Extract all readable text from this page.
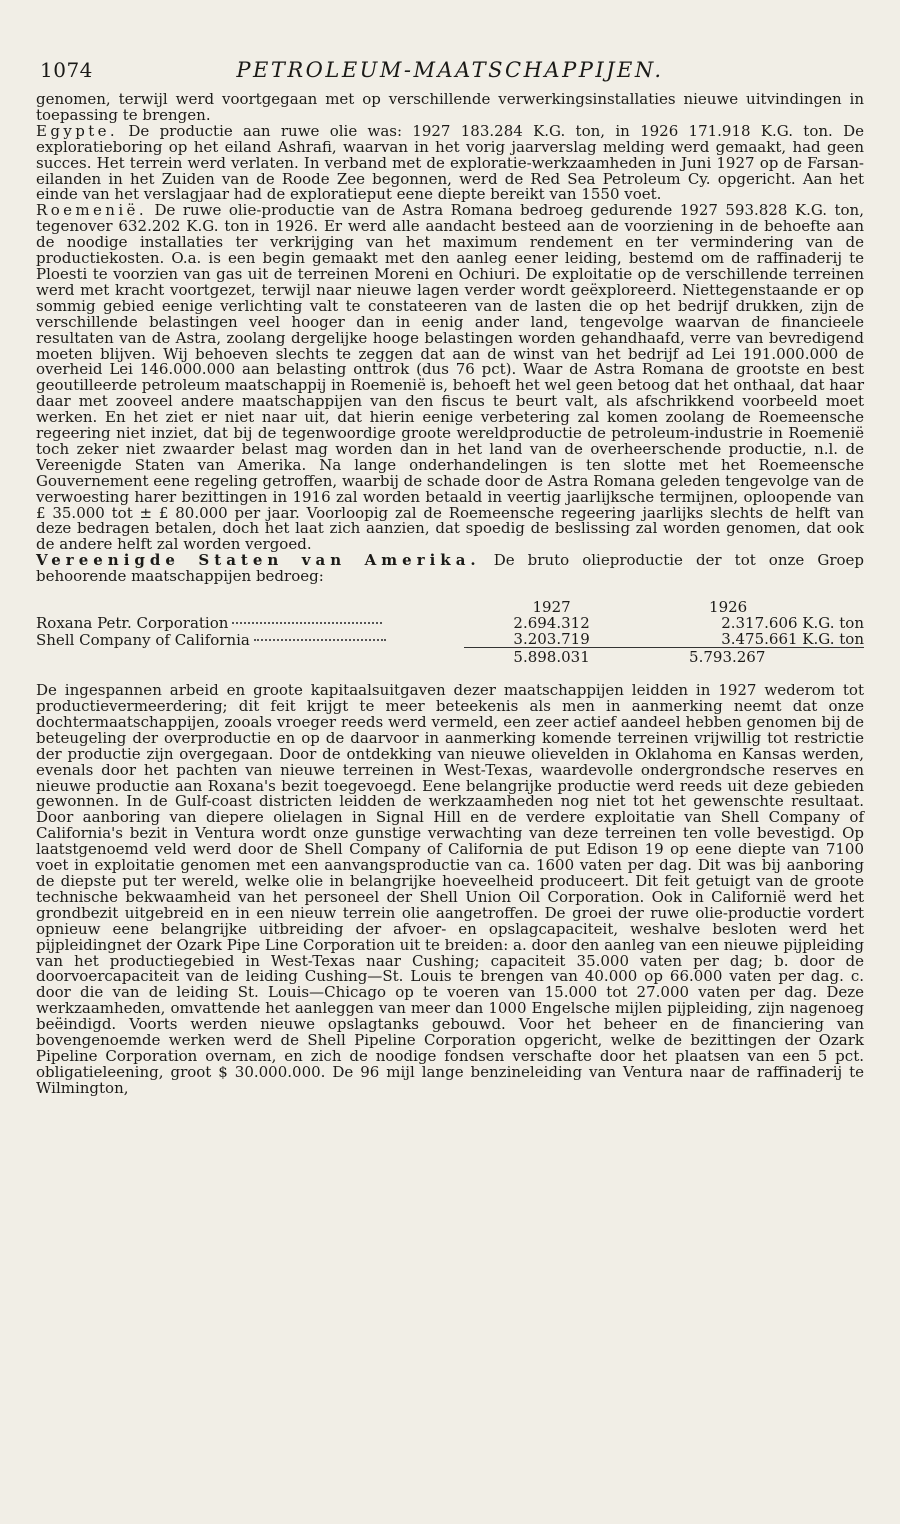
1074	PETROLEUM-MAATSCHAPPIJEN.

genomen, terwijl werd voortgegaan met op verschillende verwerkingsinstallaties nieuwe uitvindingen in toepassing te brengen.

Egypte. De productie aan ruwe olie was: 1927 183.284 K.G. ton, in 1926 171.918 K.G. ton. De exploratieboring op het eiland Ashrafi, waarvan in het vorig jaarverslag melding werd gemaakt, had geen succes. Het terrein werd verlaten. In verband met de exploratie-werkzaamheden in Juni 1927 op de Farsan-eilanden in het Zuiden van de Roode Zee begonnen, werd de Red Sea Petroleum Cy. opgericht. Aan het einde van het verslagjaar had de exploratieput eene diepte bereikt van 1550 voet.

Roemenië. De ruwe olie-productie van de Astra Romana bedroeg gedurende 1927 593.828 K.G. ton, tegenover 632.202 K.G. ton in 1926. Er werd alle aandacht besteed aan de voorziening in de behoefte aan de noodige installaties ter verkrijging van het maximum rendement en ter vermindering van de productiekosten. O.a. is een begin gemaakt met den aanleg eener leiding, bestemd om de raffinaderij te Ploesti te voorzien van gas uit de terreinen Moreni en Ochiuri. De exploitatie op de verschillende terreinen werd met kracht voortgezet, terwijl naar nieuwe lagen verder wordt geëxploreerd. Niettegenstaande er op sommig gebied eenige verlichting valt te constateeren van de lasten die op het bedrijf drukken, zijn de verschillende belastingen veel hooger dan in eenig ander land, tengevolge waarvan de financieele resultaten van de Astra, zoolang dergelijke hooge belastingen worden gehandhaafd, verre van bevredigend moeten blijven. Wij behoeven slechts te zeggen dat aan de winst van het bedrijf ad Lei 191.000.000 de overheid Lei 146.000.000 aan belasting onttrok (dus 76 pct). Waar de Astra Romana de grootste en best geoutilleerde petroleum maatschappij in Roemenië is, behoeft het wel geen betoog dat het onthaal, dat haar daar met zooveel andere maatschappijen van den fiscus te beurt valt, als afschrikkend voorbeeld moet werken. En het ziet er niet naar uit, dat hierin eenige verbetering zal komen zoolang de Roemeensche regeering niet inziet, dat bij de tegenwoordige groote wereldproductie de petroleum-industrie in Roemenië toch zeker niet zwaarder belast mag worden dan in het land van de overheerschende productie, n.l. de Vereenigde Staten van Amerika. Na lange onderhandelingen is ten slotte met het Roemeensche Gouvernement eene regeling getroffen, waarbij de schade door de Astra Romana geleden tengevolge van de verwoesting harer bezittingen in 1916 zal worden betaald in veertig jaarlijksche termijnen, oploopende van £ 35.000 tot ± £ 80.000 per jaar. Voorloopig zal de Roemeensche regeering jaarlijks slechts de helft van deze bedragen betalen, doch het laat zich aanzien, dat spoedig de beslissing zal worden genomen, dat ook de andere helft zal worden vergoed.

Vereenigde Staten van Amerika. De bruto olieproductie der tot onze Groep behoorende maatschappijen bedroeg:

	1927	1926
Roxana Petr. Corporation	2.694.312	2.317.606 K.G. ton
Shell Company of California	3.203.719	3.475.661 K.G. ton

	5.898.031	5.793.267

De ingespannen arbeid en groote kapitaalsuitgaven dezer maatschappijen leidden in 1927 wederom tot productievermeerdering; dit feit krijgt te meer beteekenis als men in aanmerking neemt dat onze dochtermaatschappijen, zooals vroeger reeds werd vermeld, een zeer actief aandeel hebben genomen bij de beteugeling der overproductie en op de daarvoor in aanmerking komende terreinen vrijwillig tot restrictie der productie zijn overgegaan. Door de ontdekking van nieuwe olievelden in Oklahoma en Kansas werden, evenals door het pachten van nieuwe terreinen in West-Texas, waardevolle ondergrondsche reserves en nieuwe productie aan Roxana's bezit toegevoegd. Eene belangrijke productie werd reeds uit deze gebieden gewonnen. In de Gulf-coast districten leidden de werkzaamheden nog niet tot het gewenschte resultaat. Door aanboring van diepere olielagen in Signal Hill en de verdere exploitatie van Shell Company of California's bezit in Ventura wordt onze gunstige verwachting van deze terreinen ten volle bevestigd. Op laatstgenoemd veld werd door de Shell Company of California de put Edison 19 op eene diepte van 7100 voet in exploitatie genomen met een aanvangsproductie van ca. 1600 vaten per dag. Dit was bij aanboring de diepste put ter wereld, welke olie in belangrijke hoeveelheid produceert. Dit feit getuigt van de groote technische bekwaamheid van het personeel der Shell Union Oil Corporation. Ook in Californië werd het grondbezit uitgebreid en in een nieuw terrein olie aangetroffen. De groei der ruwe olie-productie vordert opnieuw eene belangrijke uitbreiding der afvoer- en opslagcapaciteit, weshalve besloten werd het pijpleidingnet der Ozark Pipe Line Corporation uit te breiden: a. door den aanleg van een nieuwe pijpleiding van het productiegebied in West-Texas naar Cushing; capaciteit 35.000 vaten per dag; b. door de doorvoercapaciteit van de leiding Cushing—St. Louis te brengen van 40.000 op 66.000 vaten per dag. c. door die van de leiding St. Louis—Chicago op te voeren van 15.000 tot 27.000 vaten per dag. Deze werkzaamheden, omvattende het aanleggen van meer dan 1000 Engelsche mijlen pijpleiding, zijn nagenoeg beëindigd. Voorts werden nieuwe opslagtanks gebouwd. Voor het beheer en de financiering van bovengenoemde werken werd de Shell Pipeline Corporation opgericht, welke de bezittingen der Ozark Pipeline Corporation overnam, en zich de noodige fondsen verschafte door het plaatsen van een 5 pct. obligatieleening, groot $ 30.000.000. De 96 mijl lange benzineleiding van Ventura naar de raffinaderij te Wilmington,
